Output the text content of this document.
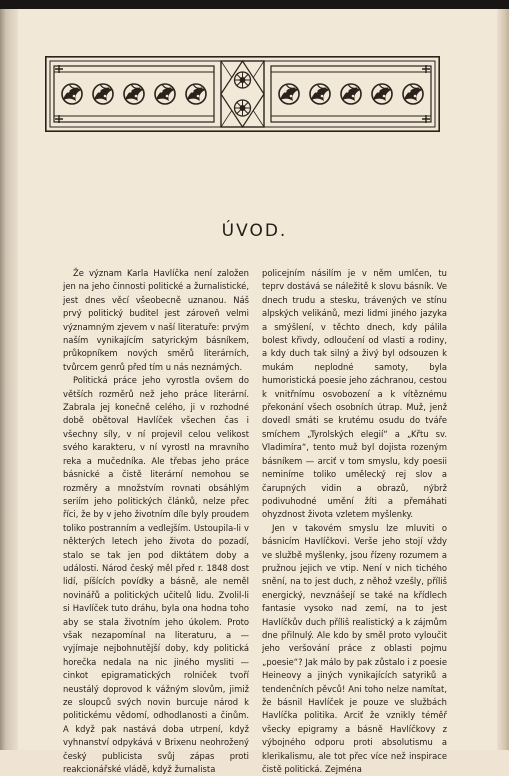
ÚVOD.

Že význam Karla Havlíčka není založen jen na jeho činnosti politické a žurnalistické, jest dnes věcí všeobecně uznanou. Náš prvý politický buditel jest zároveň velmi významným zjevem v naší literatuře: prvým naším vynikajícím satyrickým básníkem, průkopníkem nových směrů literárních, tvůrcem genrů před tím u nás neznámých.

Politická práce jeho vyrostla ovšem do větších rozměrů než jeho práce literární. Zabrala jej konečně celého, ji v rozhodné době obětoval Havlíček všechen čas i všechny síly, v ní projevil celou velikost svého karakteru, v ní vyrostl na mravního reka a mučedníka. Ale třebas jeho práce básnické a čistě literární nemohou se rozměry a množstvím rovnati obsáhlým seriím jeho politických článků, nelze přec říci, že by v jeho životním díle byly proudem toliko postranním a vedlejším. Ustoupila-li v některých letech jeho života do pozadí, stalo se tak jen pod diktátem doby a události. Národ český měl před r. 1848 dost lidí, píšících povídky a básně, ale neměl novinářů a politických učitelů lidu. Zvolil-li si Havlíček tuto dráhu, byla ona hodna toho aby se stala životním jeho úkolem. Proto však nezapomínal na literaturu, a — vyjímaje nejbohnutější doby, kdy politická horečka nedala na nic jiného mysliti — cinkot epigramatických rolniček tvoří neustálý doprovod k vážným slovům, jimiž ze sloupců svých novin burcuje národ k politickému vědomí, odhodlanosti a činům. A když pak nastává doba utrpení, když vyhnanství odpykává v Brixenu neohrožený český publicista svůj zápas proti reakcionářské vládě, když žurnalista

policejním násilím je v něm umlčen, tu teprv dostává se náležitě k slovu básník. Ve dnech trudu a stesku, trávených ve stínu alpských velikánů, mezi lidmi jiného jazyka a smýšlení, v těchto dnech, kdy pálila bolest křivdy, odloučení od vlasti a rodiny, a kdy duch tak silný a živý byl odsouzen k mukám neplodné samoty, byla humoristická poesie jeho záchranou, cestou k vnitřnímu osvobození a k vítěznému překonání všech osobních útrap. Muž, jenž dovedl smáti se krutému osudu do tváře smíchem „Tyrolských elegií“ a „Křtu sv. Vladimíra“, tento muž byl dojista rozeným básníkem — arciť v tom smyslu, kdy poesii neminíme toliko umělecký rej slov a čarupných vidin a obrazů, nýbrž podivuhodné umění žíti a přemáhati ohyzdnost života vzletem myšlenky.

Jen v takovém smyslu lze mluviti o básnicím Havlíčkovi. Verše jeho stojí vždy ve službě myšlenky, jsou řízeny rozumem a pružnou jejich ve vtip. Není v nich tichého snění, na to jest duch, z něhož vzešly, příliš energický, nevznášejí se také na křídlech fantasie vysoko nad zemí, na to jest Havlíčkův duch příliš realistický a k zájmům dne přilnulý. Ale kdo by směl proto vyloučit jeho veršování práce z oblasti pojmu „poesie“? Jak málo by pak zůstalo i z poesie Heineovy a jiných vynikajících satyriků a tendenčních pěvců! Ani toho nelze namítat, že básnil Havlíček je pouze ve službách Havlíčka politika. Arciť že vznikly téměř všecky epigramy a básně Havlíčkovy z výbojného odporu proti absolutismu a klerikalismu, ale tot přec více než inspirace čistě politická. Zejména
